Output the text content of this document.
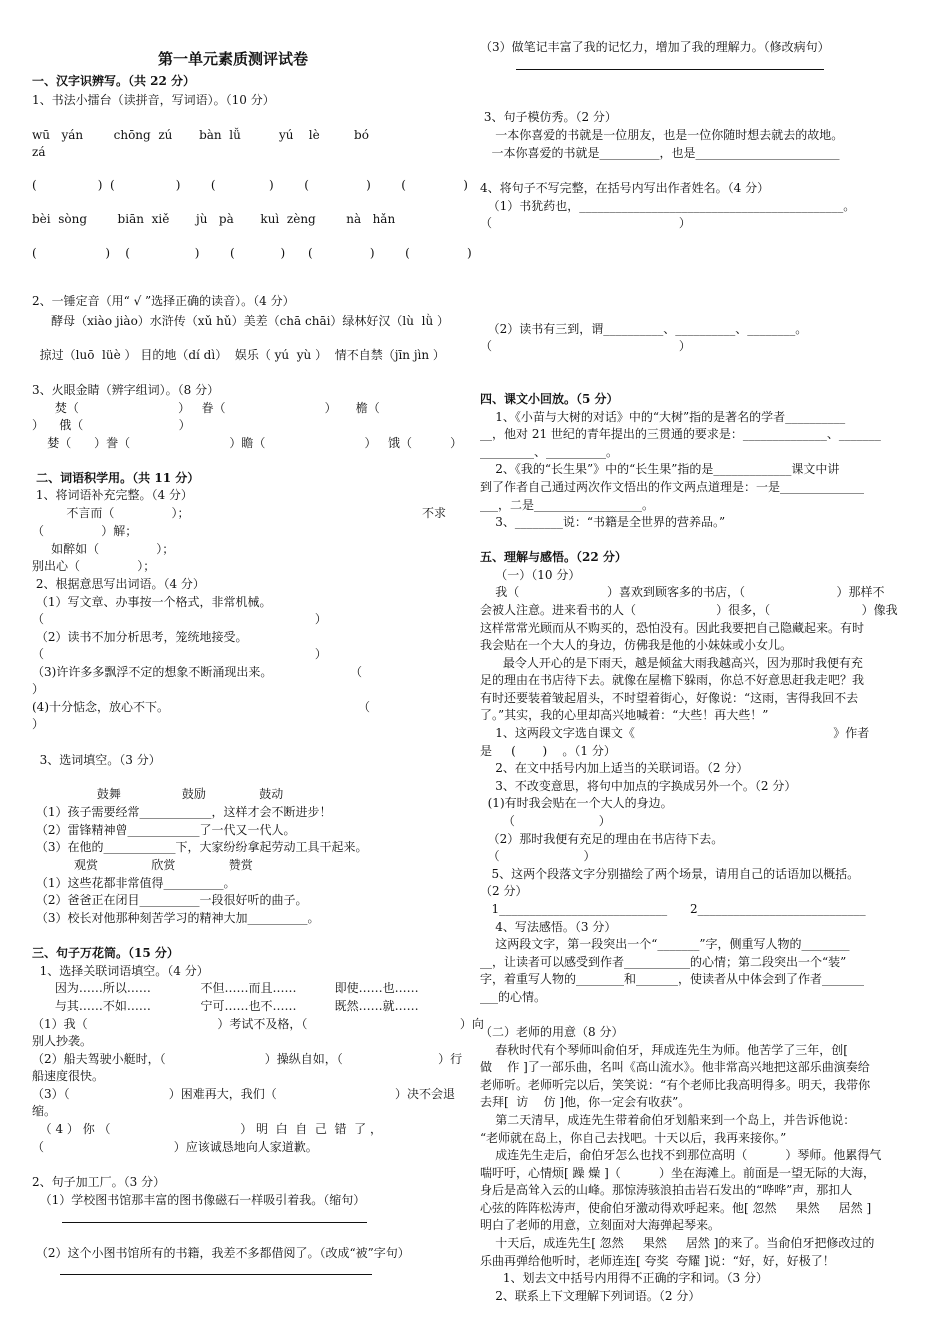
第一单元素质测评试卷
一、汉字识辨写。（共 22 分）
1、书法小擂台（读拼音，写词语）。（10 分）
wū   yán        chōng  zú       bàn  lǚ          yú    lè         bó
zá
(                )  (                )        (              )        (               )        (               )
bèi  sòng        biān  xiě       jù   pà       kuì  zèng        nà   hǎn
(                  )    (                 )        (            )      (               )        (               )
2、一锤定音（用“ √ ”选择正确的读音）。（4 分）
酵母（xiào jiào）水浒传（xǔ hǔ）美差（chā chāi）绿林好汉（lù  lǜ ）
掠过（luō  lüè ） 目的地（dí dì）  娱乐（ yú  yù ）  情不自禁（jīn jìn ）
3、火眼金睛（辨字组词）。（8 分）
焚（                          ）   眷（                          ）     檐（
）    俄（                         ）
婪（      ）誊（                          ）瞻（                          ）   饿（          ）
二、词语积学用。（共 11 分）
1、将词语补充完整。（4 分）
不言而（               ）；	不求
（               ）解；
如醉如（               ）；
别出心（               ）；
2、根据意思写出词语。（4 分）
（1）写文章、办事按一个格式，非常机械。
（                                                                       ）
（2）读书不加分析思考，笼统地接受。
（                                                                       ）
（3)许许多多飘浮不定的想象不断涌现出来。	（
）
(4)十分惦念，放心不下。	（
）
3、选词填空。（3 分）
鼓舞                鼓励              鼓动
（1）孩子需要经常____________，这样才会不断进步！
（2）雷锋精神曾____________了一代又一代人。
（3）在他的____________下，大家纷纷拿起劳动工具干起来。
观赏              欣赏              赞赏
（1）这些花都非常值得__________。
（2）爸爸正在闭目__________一段很好听的曲子。
（3）校长对他那种刻苦学习的精神大加__________。
三、句子万花筒。（15 分）
1、选择关联词语填空。（4 分）
因为……所以……             不但……而且……          即使……也……
与其……不如……             宁可……也不……          既然……就……
（1）我（                                  ）考试不及格，（                                        ）向
别人抄袭。
（2）船夫驾驶小艇时，（                          ）操纵自如，（                         ）行
船速度很快。
（3）（                          ）困难再大，我们（                               ）决不会退
缩。
（ 4 ） 你 （                                  ） 明  白  自  己  错  了 ，
（                                  ）应该诚恳地向人家道歉。
2、句子加工厂。（3 分）
（1）学校图书馆那丰富的图书像磁石一样吸引着我。（缩句）
（2）这个小图书馆所有的书籍，我差不多都借阅了。（改成“被”字句）
（3）做笔记丰富了我的记忆力，增加了我的理解力。（修改病句）
3、句子模仿秀。（2 分）
一本你喜爱的书就是一位朋友，也是一位你随时想去就去的故地。
一本你喜爱的书就是__________，也是________________________
4、将句子不写完整，在括号内写出作者姓名。（4 分）
（1）书犹药也，____________________________________________。
（                                                 ）
（2）读书有三到，谓__________、__________、________。
（                                                 ）
四、课文小回放。（5 分）
1、《小苗与大树的对话》中的“大树”指的是著名的学者__________
__，他对 21 世纪的青年提出的三贯通的要求是：______________、_______
_________、__________。
2、《我的“长生果”》中的“长生果”指的是_____________课文中讲
到了作者自己通过两次作文悟出的作文两点道理是：一是______________
___，二是__________________。
3、________说：“书籍是全世界的营养品。”
五、理解与感悟。（22 分）
（一）（10 分）
我（                       ）喜欢到顾客多的书店，（                        ）那样不
会被人注意。进来看书的人（                     ）很多，（                        ）像我
这样常常光顾而从不购买的，恐怕没有。因此我要把自己隐藏起来。有时
我会贴在一个大人的身边，仿佛我是他的小妹妹或小女儿。
最令人开心的是下雨天，越是倾盆大雨我越高兴，因为那时我便有充
足的理由在书店待下去。就像在屋檐下躲雨，你总不好意思赶我走吧？我
有时还要装着皱起眉头，不时望着街心，好像说：“这雨，害得我回不去
了。”其实，我的心里却高兴地喊着：“大些！再大些！”
1、这两段文字选自课文《                                                    》作者
是     (       )    。（1 分）
2、在文中括号内加上适当的关联词语。（2 分）
3、不改变意思，将句中加点的字换成另外一个。（2 分）
(1)有时我会贴在一个大人的身边。
（                      ）
（2）那时我便有充足的理由在书店待下去。
（                      ）
5、这两个段落文字分别描绘了两个场景，请用自己的话语加以概括。
（2 分）
1____________________________      2____________________________
4、写法感悟。（3 分）
这两段文字，第一段突出一个“_______”字，侧重写人物的________
__，让读者可以感受到作者___________的心情；第二段突出一个“装”
字，着重写人物的________和_______，使读者从中体会到了作者_______
___的心情。
（二）老师的用意（8 分）
春秋时代有个琴师叫俞伯牙，拜成连先生为师。他苦学了三年，创[
做    作 ]了一部乐曲，名叫《高山流水》。他非常高兴地把这部乐曲演奏给
老师听。老师听完以后，笑笑说：“有个老师比我高明得多。明天，我带你
去拜[  访    仿 ]他，你一定会有收获”。
第二天清早，成连先生带着俞伯牙划船来到一个岛上，并告诉他说：
“老师就在岛上，你自己去找吧。十天以后，我再来接你。”
成连先生走后，俞伯牙怎么也找不到那位高明（          ）琴师。他累得气
喘吁吁，心情烦[ 躁 燥 ]（          ）坐在海滩上。前面是一望无际的大海，
身后是高耸入云的山峰。那惊涛骇浪拍击岩石发出的“哗哗”声，那扣人
心弦的阵阵松涛声，使俞伯牙激动得欢呼起来。他[ 忽然     果然     居然 ]
明白了老师的用意，立刻面对大海弹起琴来。
十天后，成连先生[ 忽然     果然     居然 ]的来了。当俞伯牙把修改过的
乐曲再弹给他听时，老师连连[ 夸奖  夸耀 ]说：“好，好，好极了！
1、划去文中括号内用得不正确的字和词。（3 分）
2、联系上下文理解下列词语。（2 分）
